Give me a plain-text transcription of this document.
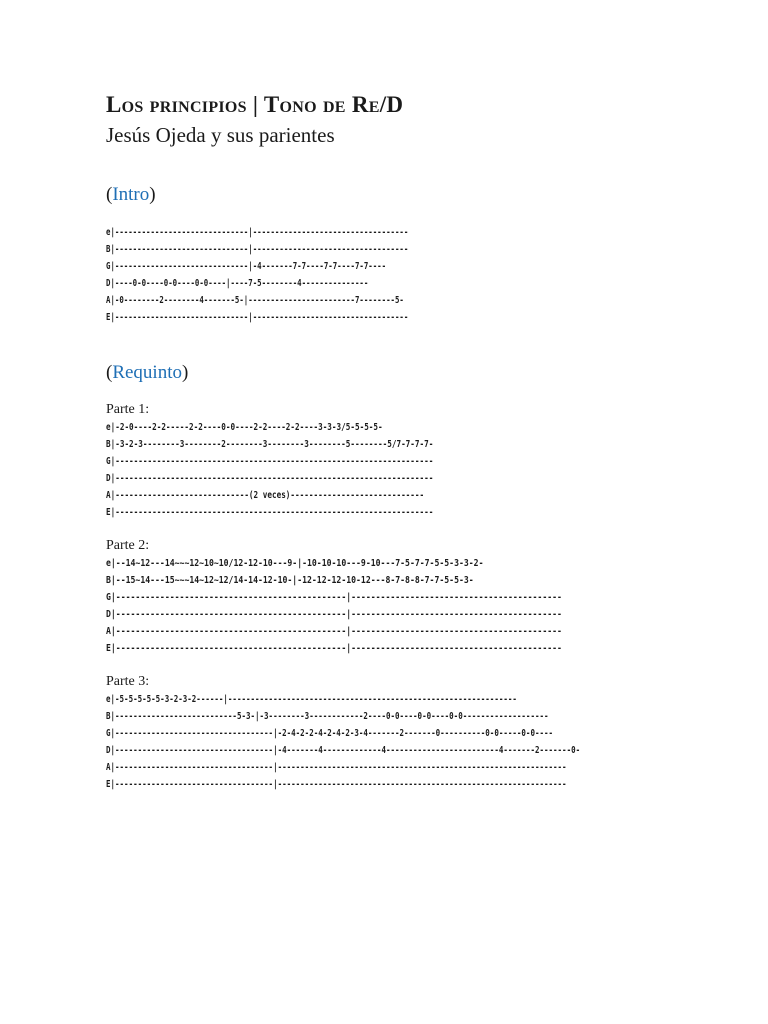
Los principios | Tono de Re/D
Jesús Ojeda y sus parientes
(Intro)
e|------------------------------|-----------------------------------
B|------------------------------|-----------------------------------
G|------------------------------|-4-------7-7----7-7----7-7----
D|----0-0----0-0----0-0----|----7-5--------4---------------
A|-0--------2--------4-------5-|------------------------7--------5-
E|------------------------------|-----------------------------------
(Requinto)
Parte 1:
e|-2-0----2-2-----2-2----0-0----2-2----2-2----3-3-3/5-5-5-5-
B|-3-2-3--------3--------2--------3--------3--------5--------5/7-7-7-7-
G|---------------------------------------------------------------------
D|---------------------------------------------------------------------
A|-----------------------------(2 veces)-----------------------------
E|---------------------------------------------------------------------
Parte 2:
e|--14~12---14~~~12~10~10/12-12-10---9-|-10-10-10---9-10---7-5-7-7-5-5-3-3-2-
B|--15~14---15~~~14~12~12/14-14-12-10-|-12-12-12-10-12---8-7-8-8-7-7-5-5-3-
G|-----------------------------------------------|-------------------------------------------
D|-----------------------------------------------|-------------------------------------------
A|-----------------------------------------------|-------------------------------------------
E|-----------------------------------------------|-------------------------------------------
Parte 3:
e|-5-5-5-5-5-3-2-3-2------|----------------------------------------------------------------
B|---------------------------5-3-|-3--------3------------2----0-0----0-0----0-0-------------------
G|-----------------------------------|-2-4-2-2-4-2-4-2-3-4-------2-------0----------0-0-----0-0----
D|-----------------------------------|-4-------4-------------4-------------------------4-------2-------0-
A|-----------------------------------|----------------------------------------------------------------
E|-----------------------------------|----------------------------------------------------------------
